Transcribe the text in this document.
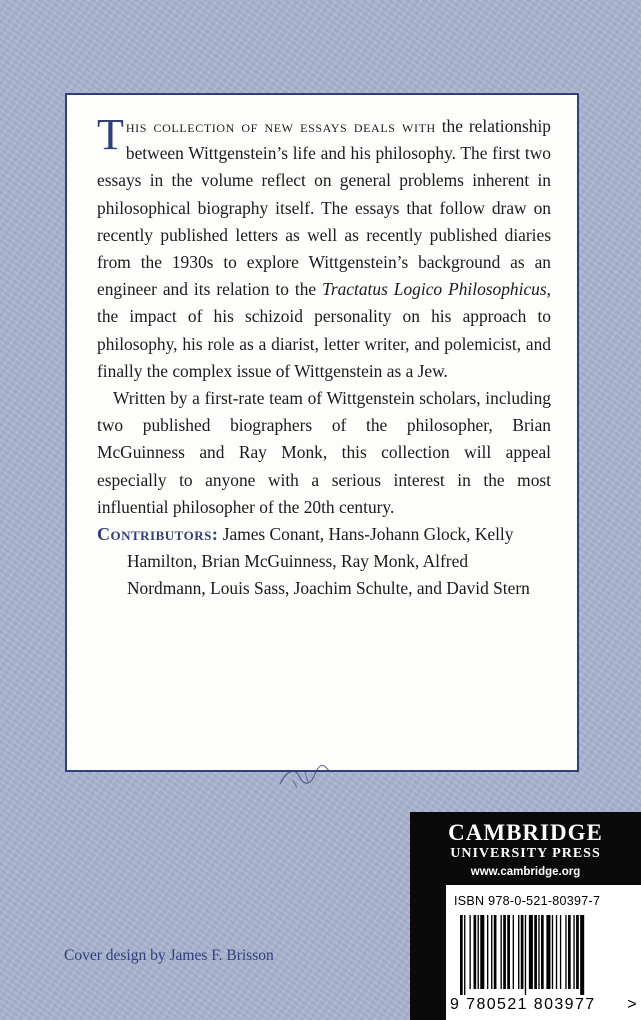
This collection of new essays deals with the relationship between Wittgenstein’s life and his philosophy. The first two essays in the volume reflect on general problems inherent in philosophical biography itself. The essays that follow draw on recently published letters as well as recently published diaries from the 1930s to explore Wittgenstein’s background as an engineer and its relation to the Tractatus Logico Philosophicus, the impact of his schizoid personality on his approach to philosophy, his role as a diarist, letter writer, and polemicist, and finally the complex issue of Wittgenstein as a Jew.

Written by a first-rate team of Wittgenstein scholars, including two published biographers of the philosopher, Brian McGuinness and Ray Monk, this collection will appeal especially to anyone with a serious interest in the most influential philosopher of the 20th century.

Contributors: James Conant, Hans-Johann Glock, Kelly Hamilton, Brian McGuinness, Ray Monk, Alfred Nordmann, Louis Sass, Joachim Schulte, and David Stern

Cover design by James F. Brisson
CAMBRIDGE
UNIVERSITY PRESS
www.cambridge.org
ISBN 978-0-521-80397-7
9 780521 803977 >
